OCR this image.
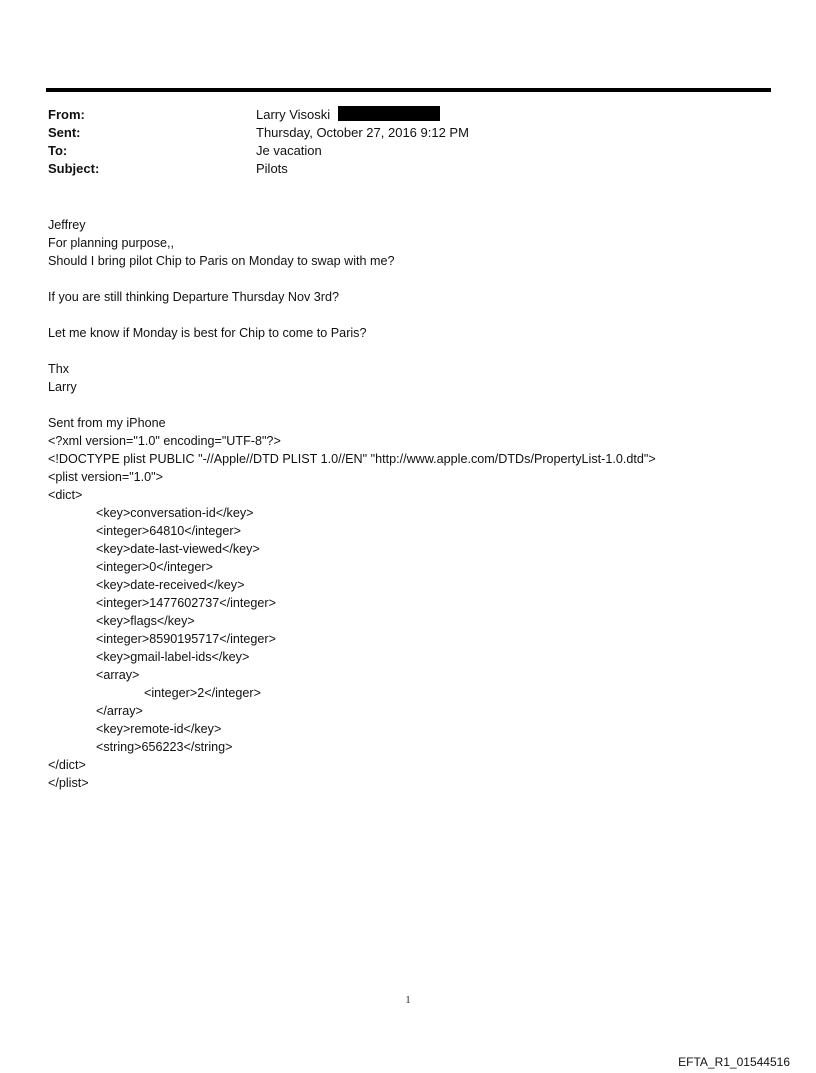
From:	Larry Visoski
Sent:	Thursday, October 27, 2016 9:12 PM
To:	Je vacation
Subject:	Pilots
Jeffrey
For planning purpose,,
Should I bring pilot Chip to Paris on Monday to swap with me?
If you are still thinking Departure Thursday Nov 3rd?
Let me know if Monday is best for Chip to come to Paris?
Thx
Larry
Sent from my iPhone
<?xml version="1.0" encoding="UTF-8"?>
<!DOCTYPE plist PUBLIC "-//Apple//DTD PLIST 1.0//EN" "http://www.apple.com/DTDs/PropertyList-1.0.dtd">
<plist version="1.0">
<dict>
<key>conversation-id</key>
<integer>64810</integer>
<key>date-last-viewed</key>
<integer>0</integer>
<key>date-received</key>
<integer>1477602737</integer>
<key>flags</key>
<integer>8590195717</integer>
<key>gmail-label-ids</key>
<array>
<integer>2</integer>
</array>
<key>remote-id</key>
<string>656223</string>
</dict>
</plist>
1
EFTA_R1_01544516
